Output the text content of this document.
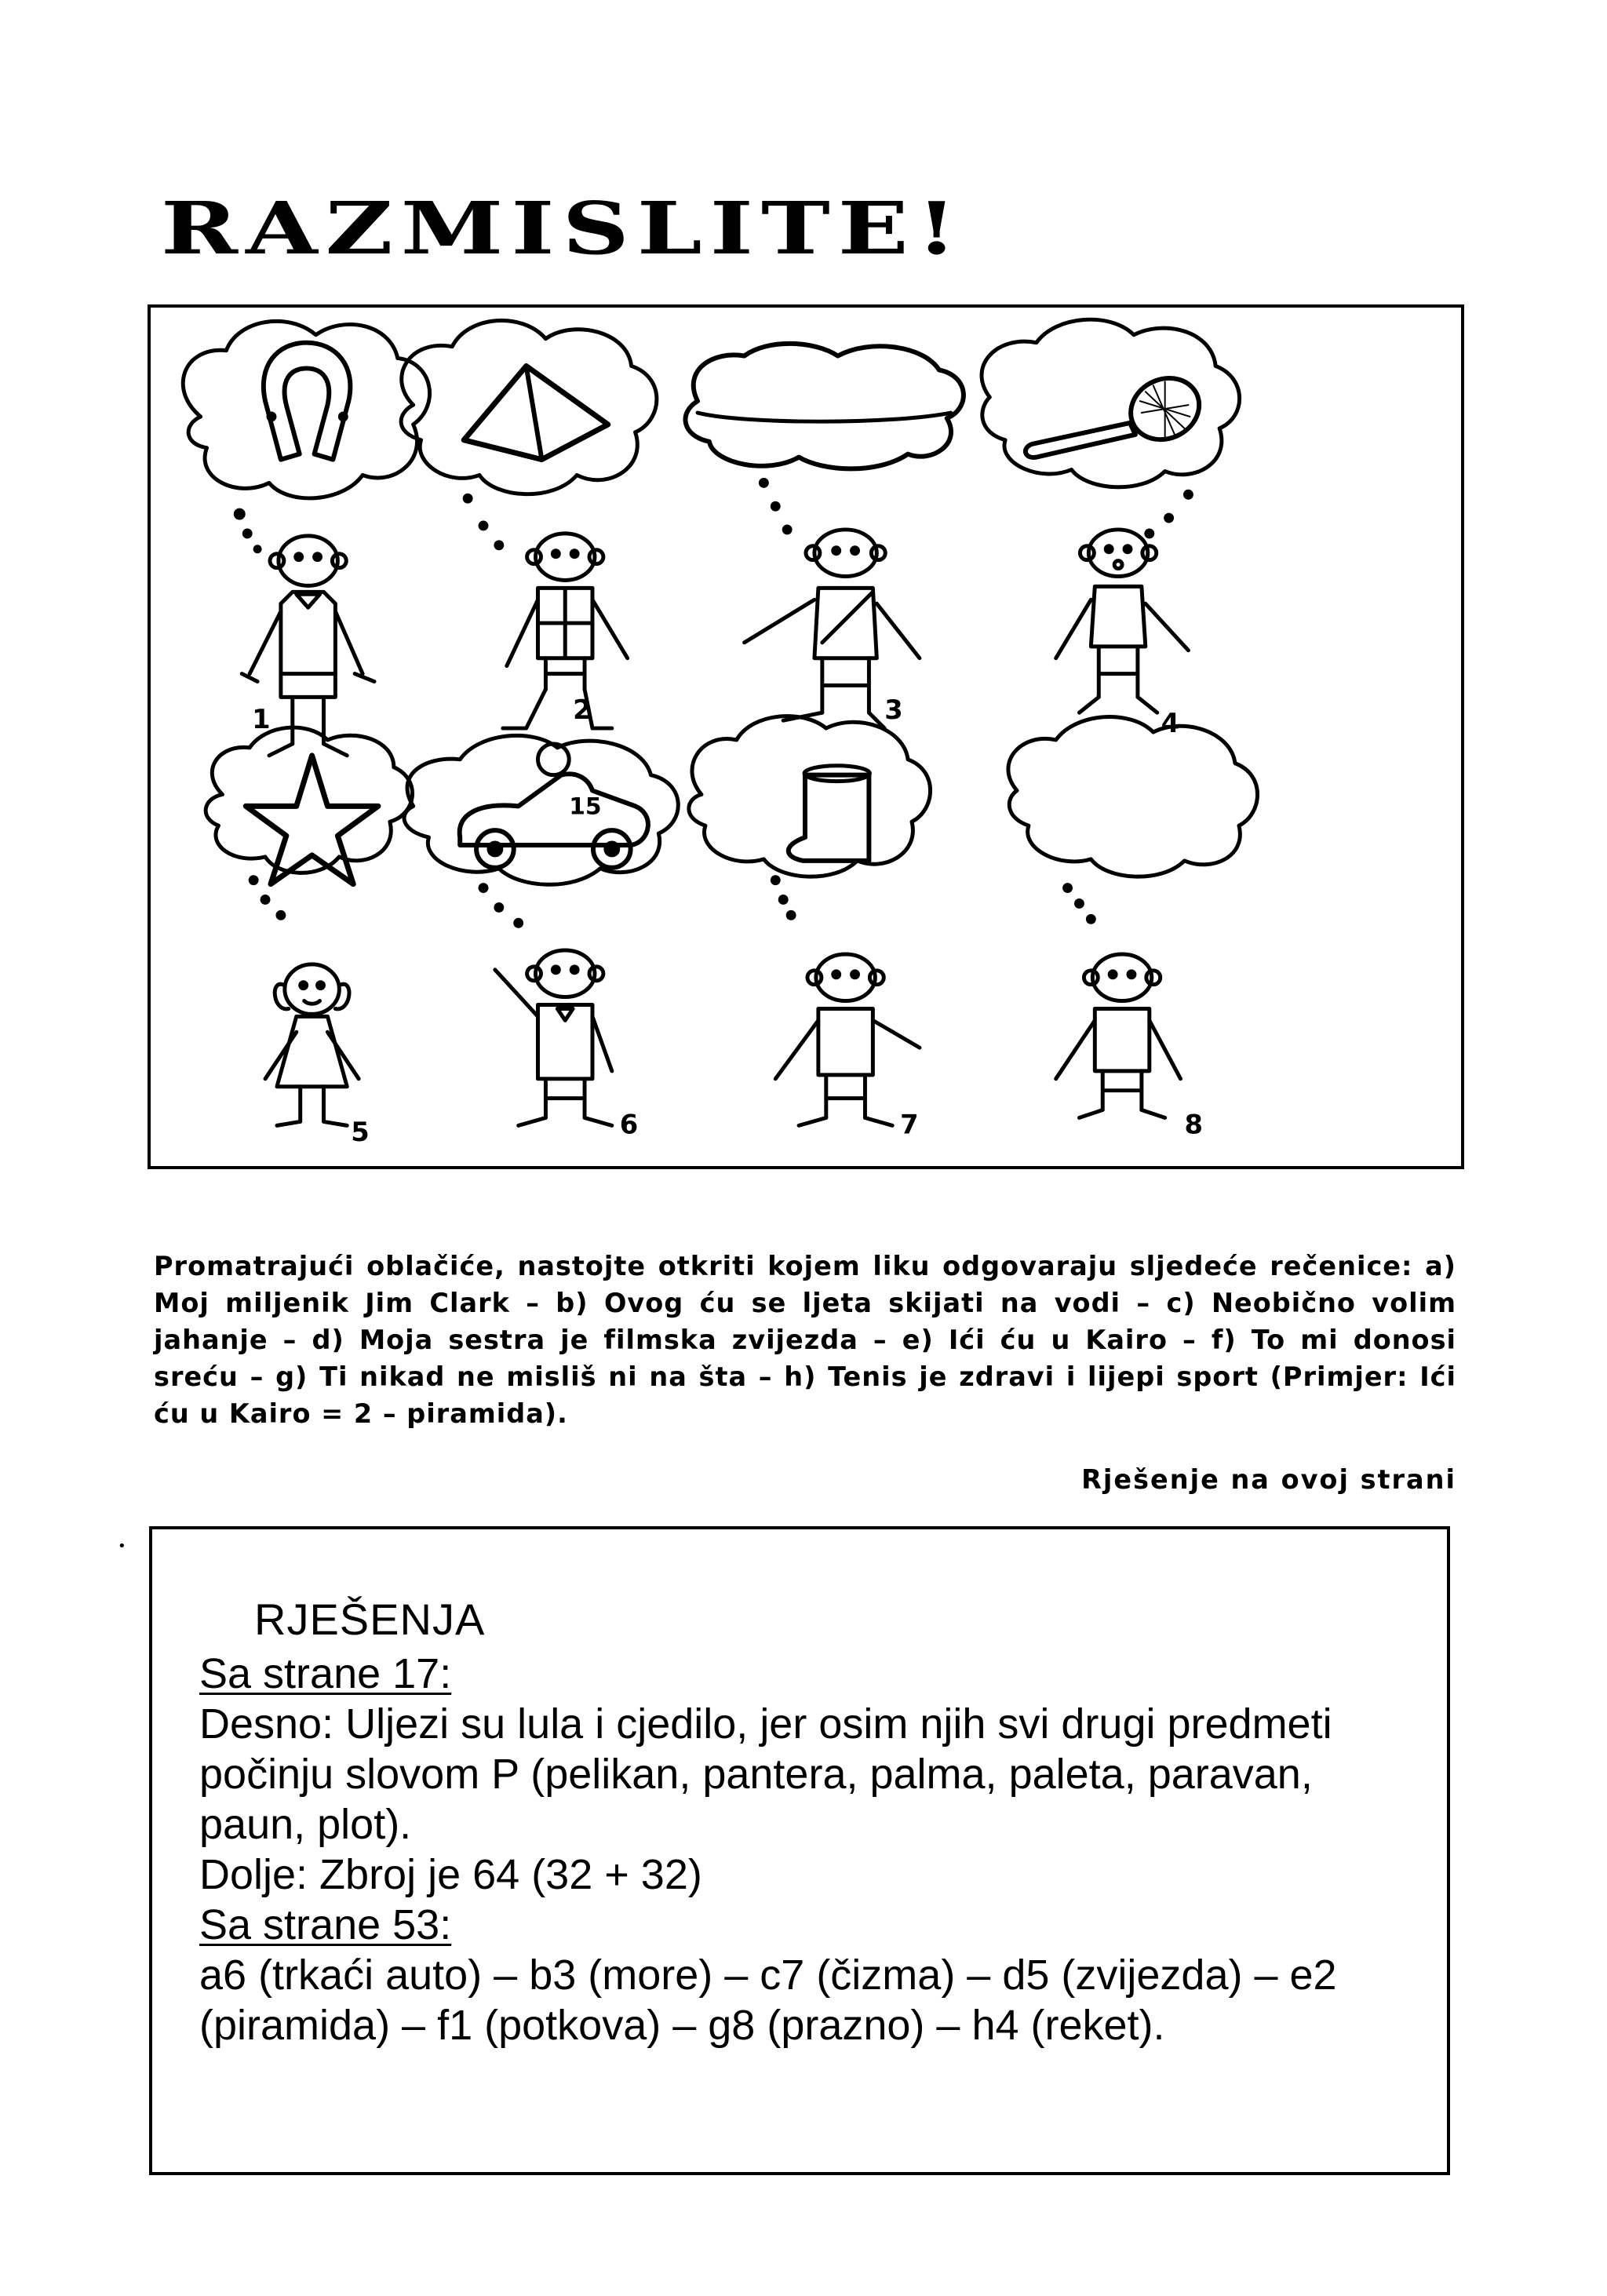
RAZMISLITE!
15
1	2	3	4
5	6	7	8
Promatrajući oblačiće, nastojte otkriti kojem liku odgovaraju sljedeće rečenice: a) Moj miljenik Jim Clark – b) Ovog ću se ljeta skijati na vodi – c) Neobično volim jahanje – d) Moja sestra je filmska zvijezda – e) Ići ću u Kairo – f) To mi donosi sreću – g) Ti nikad ne misliš ni na šta – h) Tenis je zdravi i lijepi sport (Primjer: Ići ću u Kairo = 2 – piramida).
Rješenje na ovoj strani
•
RJEŠENJA
Sa strane 17:
Desno: Uljezi su lula i cjedilo, jer osim njih svi drugi predmeti počinju slovom P (pelikan, pantera, palma, paleta, paravan, paun, plot).
Dolje: Zbroj je 64 (32 + 32)
Sa strane 53:
a6 (trkaći auto) – b3 (more) – c7 (čizma) – d5 (zvijezda) – e2 (piramida) – f1 (potkova) – g8 (prazno) – h4 (reket).
